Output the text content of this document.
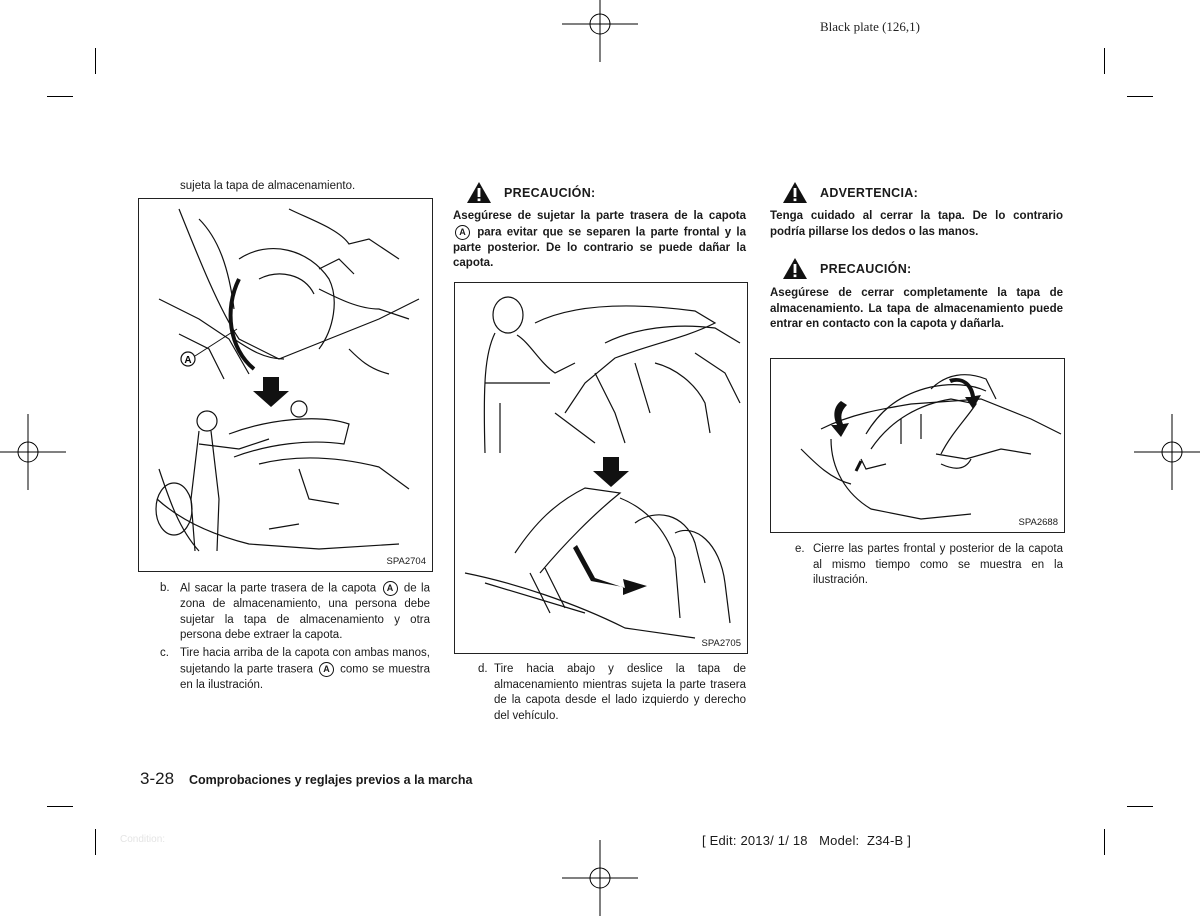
Black plate (126,1)
sujeta la tapa de almacenamiento.
A
SPA2704
b. Al sacar la parte trasera de la capota A de la zona de almacenamiento, una persona debe sujetar la tapa de almacenamiento y otra persona debe extraer la capota.
c. Tire hacia arriba de la capota con ambas manos, sujetando la parte trasera A como se muestra en la ilustración.
PRECAUCIÓN:
Asegúrese de sujetar la parte trasera de la capota A para evitar que se separen la parte frontal y la parte posterior. De lo contrario se puede dañar la capota.
SPA2705
d. Tire hacia abajo y deslice la tapa de almacenamiento mientras sujeta la parte trasera de la capota desde el lado izquierdo y derecho del vehículo.
ADVERTENCIA:
Tenga cuidado al cerrar la tapa. De lo contrario podría pillarse los dedos o las manos.
PRECAUCIÓN:
Asegúrese de cerrar completamente la tapa de almacenamiento. La tapa de almacenamiento puede entrar en contacto con la capota y dañarla.
SPA2688
e. Cierre las partes frontal y posterior de la capota al mismo tiempo como se muestra en la ilustración.
3-28 Comprobaciones y reglajes previos a la marcha
Condition:	[ Edit: 2013/ 1/ 18   Model:  Z34-B ]
